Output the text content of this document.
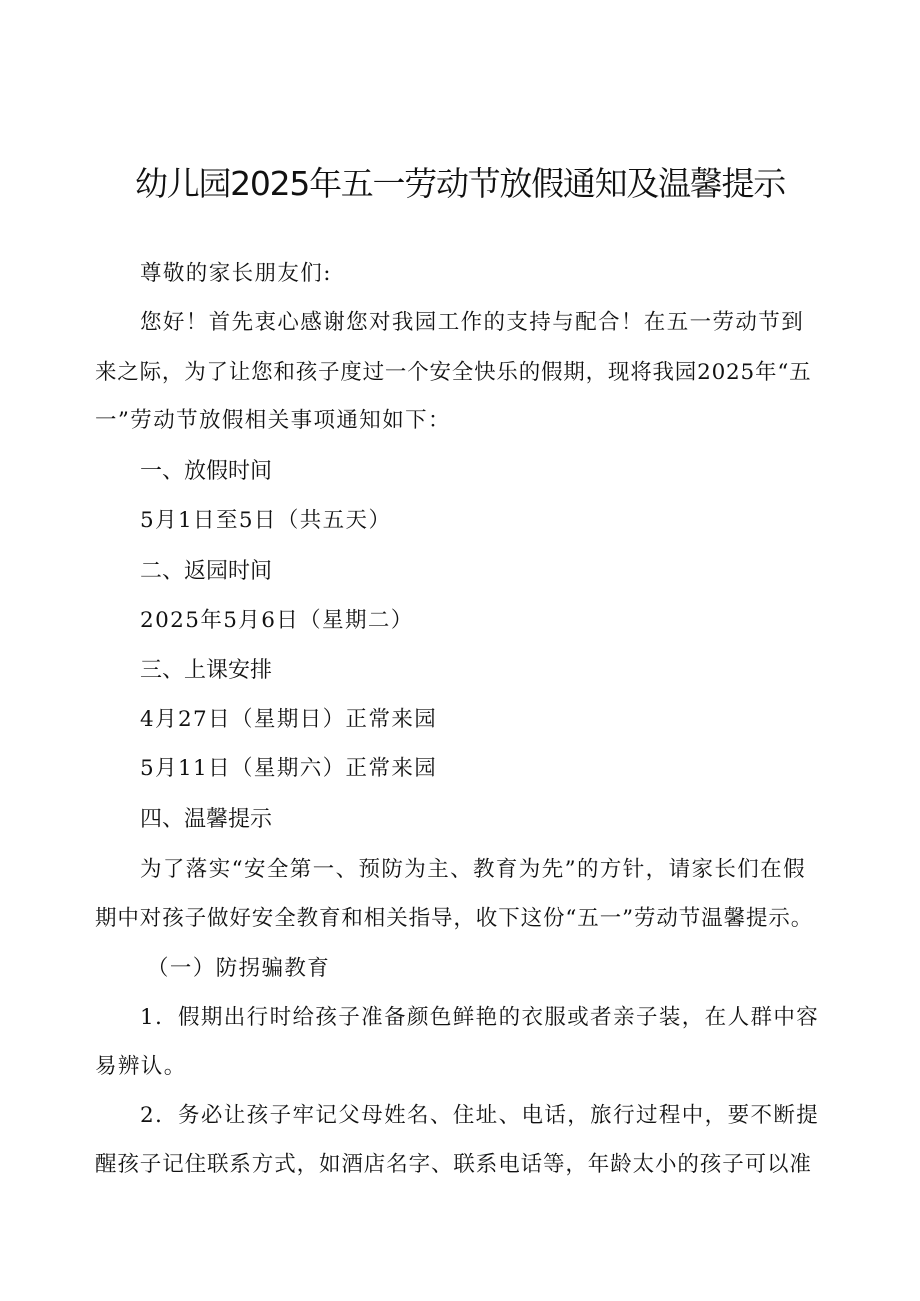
幼儿园2025年五一劳动节放假通知及温馨提示

尊敬的家长朋友们:

您好！首先衷心感谢您对我园工作的支持与配合！在五一劳动节到

来之际，为了让您和孩子度过一个安全快乐的假期，现将我园2025年“五

一”劳动节放假相关事项通知如下：

一、放假时间

5月1日至5日（共五天）

二、返园时间

2025年5月6日（星期二）

三、上课安排

4月27日（星期日）正常来园

5月11日（星期六）正常来园

四、温馨提示

为了落实“安全第一、预防为主、教育为先”的方针，请家长们在假

期中对孩子做好安全教育和相关指导，收下这份“五一”劳动节温馨提示。

（一）防拐骗教育

1．假期出行时给孩子准备颜色鲜艳的衣服或者亲子装，在人群中容

易辨认。

2．务必让孩子牢记父母姓名、住址、电话，旅行过程中，要不断提

醒孩子记住联系方式，如酒店名字、联系电话等，年龄太小的孩子可以准
